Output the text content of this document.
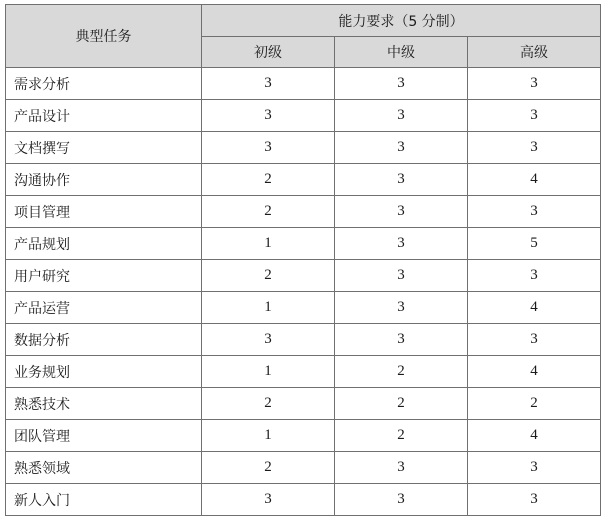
典型任务	能力要求（5 分制）		
	初级	中级	高级
需求分析	3	3	3
产品设计	3	3	3
文档撰写	3	3	3
沟通协作	2	3	4
项目管理	2	3	3
产品规划	1	3	5
用户研究	2	3	3
产品运营	1	3	4
数据分析	3	3	3
业务规划	1	2	4
熟悉技术	2	2	2
团队管理	1	2	4
熟悉领域	2	3	3
新人入门	3	3	3
